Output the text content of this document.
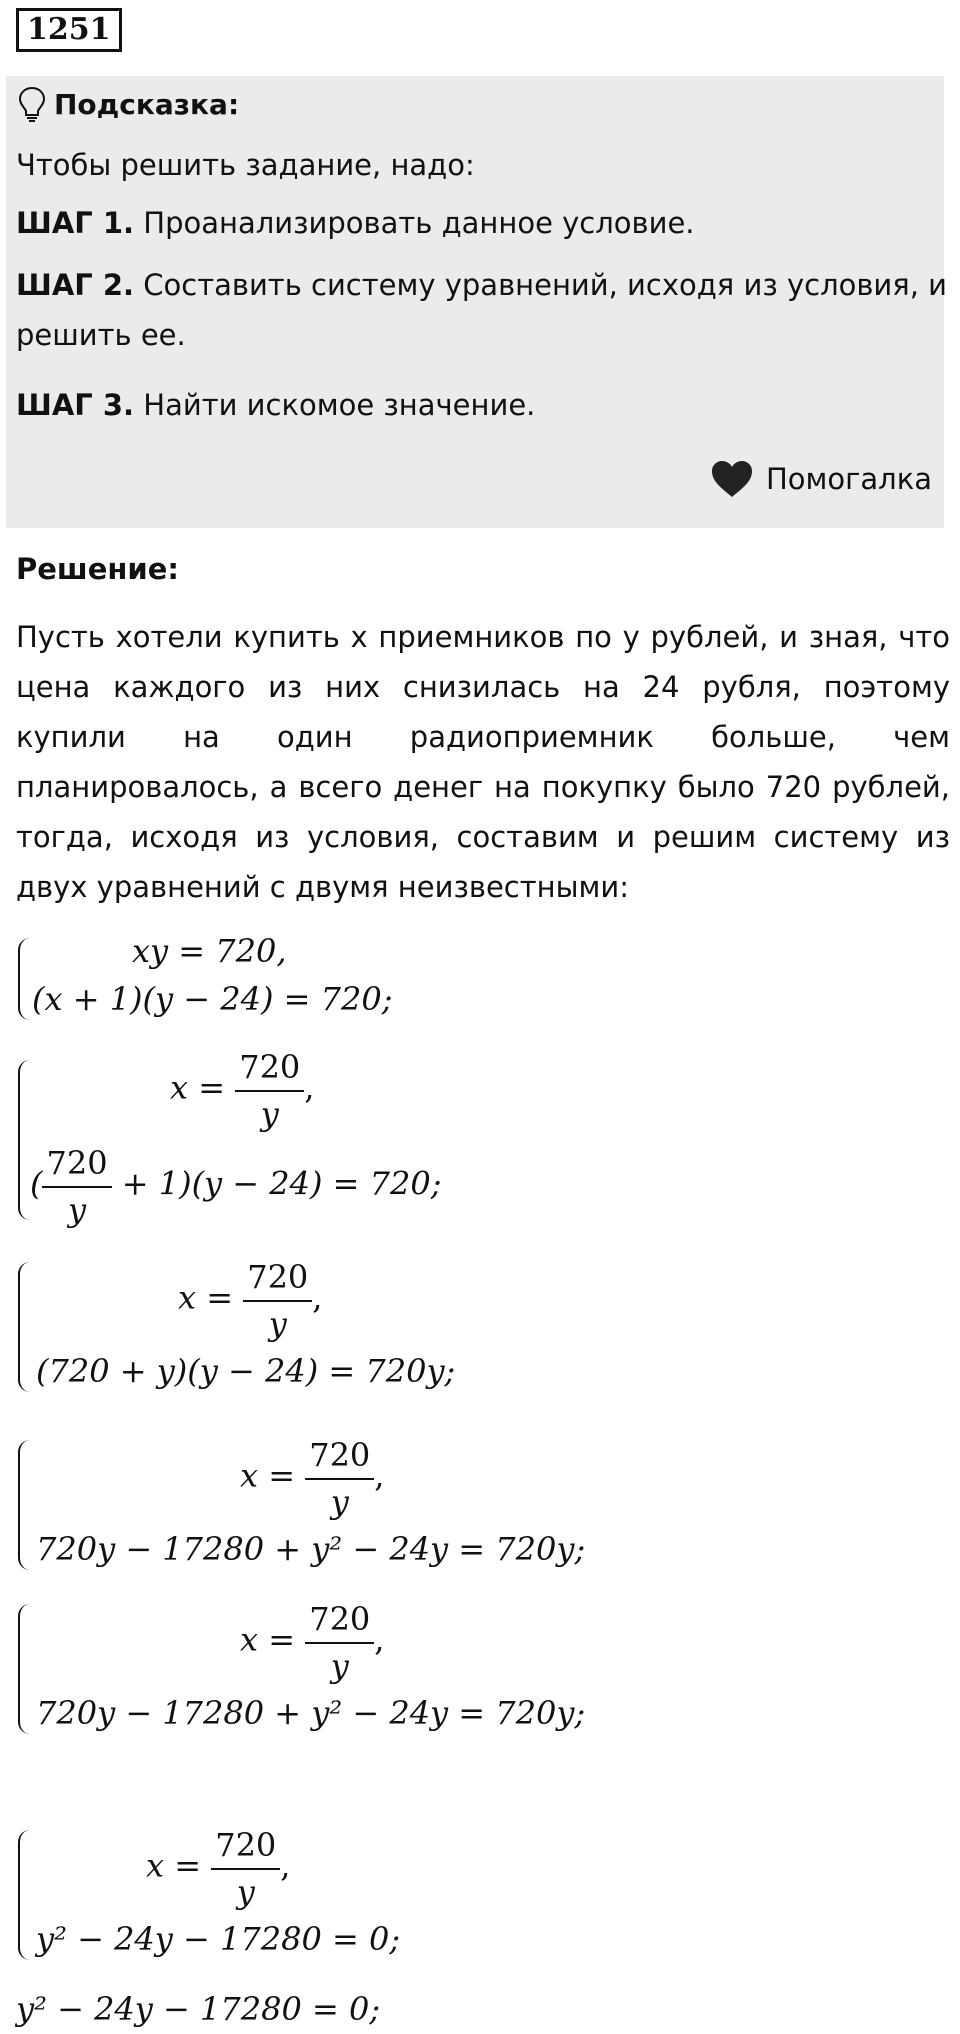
1251
Подсказка:
Чтобы решить задание, надо:
ШАГ 1. Проанализировать данное условие.
ШАГ 2. Составить систему уравнений, исходя из условия, и
решить ее.
ШАГ 3. Найти искомое значение.
Помогалка
Решение:
Пусть хотели купить x приемников по y рублей, и зная, что цена каждого из них снизилась на 24 рубля, поэтому купили на один радиоприемник больше, чем планировалось, а всего денег на покупку было 720 рублей, тогда, исходя из условия, составим и решим систему из двух уравнений с двумя неизвестными:
xy = 720,
(x + 1)(y − 24) = 720;
$x = \frac{720}{y}$ ,
( $\frac{720}{y} + 1)(y - 24) = 720$;
$x = \frac{720}{y}$ ,
(720 + y)(y − 24) = 720y;
$x = \frac{720}{y}$ ,
720y − 17280 + y² − 24y = 720y;
$x = \frac{720}{y}$ ,
720y − 17280 + y² − 24y = 720y;
$x = \frac{720}{y}$ ,
y² − 24y − 17280 = 0;
y² − 24y − 17280 = 0;
